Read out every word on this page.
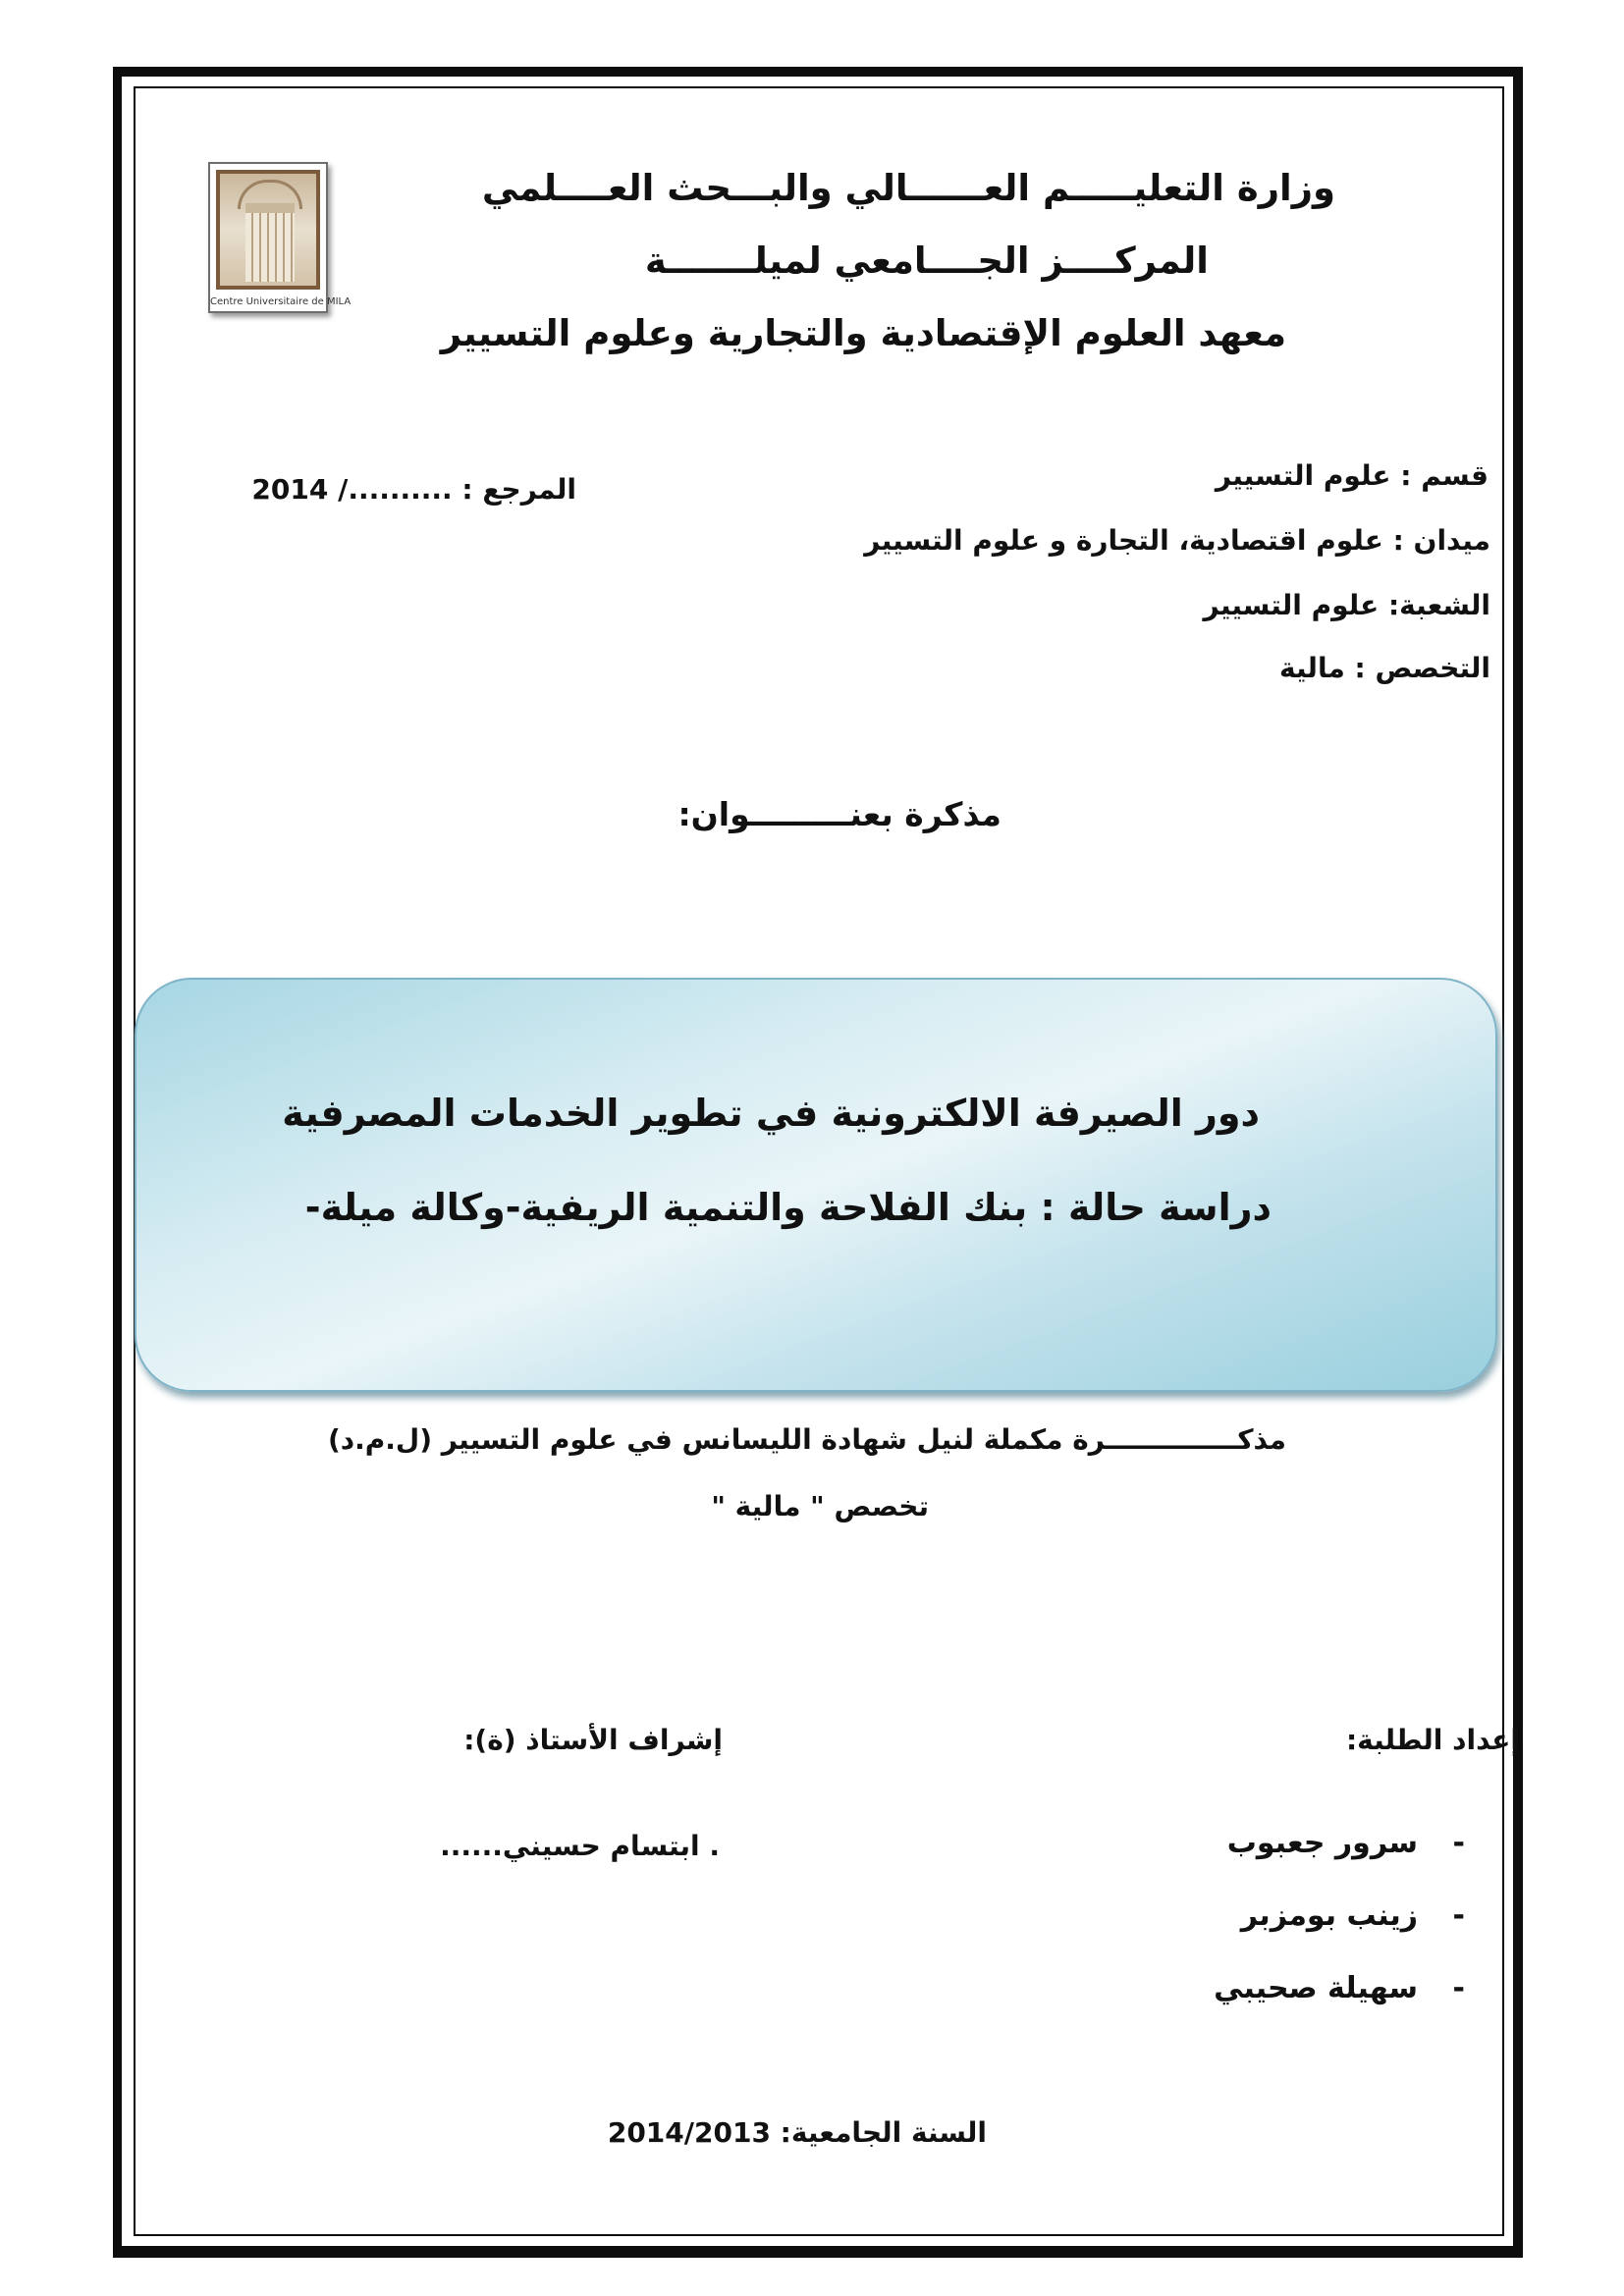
وزارة التعليـــــم العــــــالي والبـــحث العــــلمي
المركــــز الجــــامعي لميلـــــــة
معهد العلوم الإقتصادية والتجارية وعلوم التسيير
Centre Universitaire de MILA
المرجع : ........../ 2014	قسم : علوم التسيير
ميدان : علوم اقتصادية، التجارة و علوم التسيير
الشعبة: علوم التسيير
التخصص : مالية
مذكرة بعنـــــــــوان:
دور الصيرفة الالكترونية في تطوير الخدمات المصرفية
دراسة حالة : بنك الفلاحة والتنمية الريفية-وكالة ميلة-
مذكــــــــــــــرة مكملة لنيل شهادة الليسانس في علوم التسيير (ل.م.د)
تخصص " مالية "
إعداد الطلبة:
إشراف الأستاذ (ة):
-
سرور جعبوب
. ابتسام حسيني......
-
زينب بومزبر
-
سهيلة صحيبي
السنة الجامعية: 2014/2013
